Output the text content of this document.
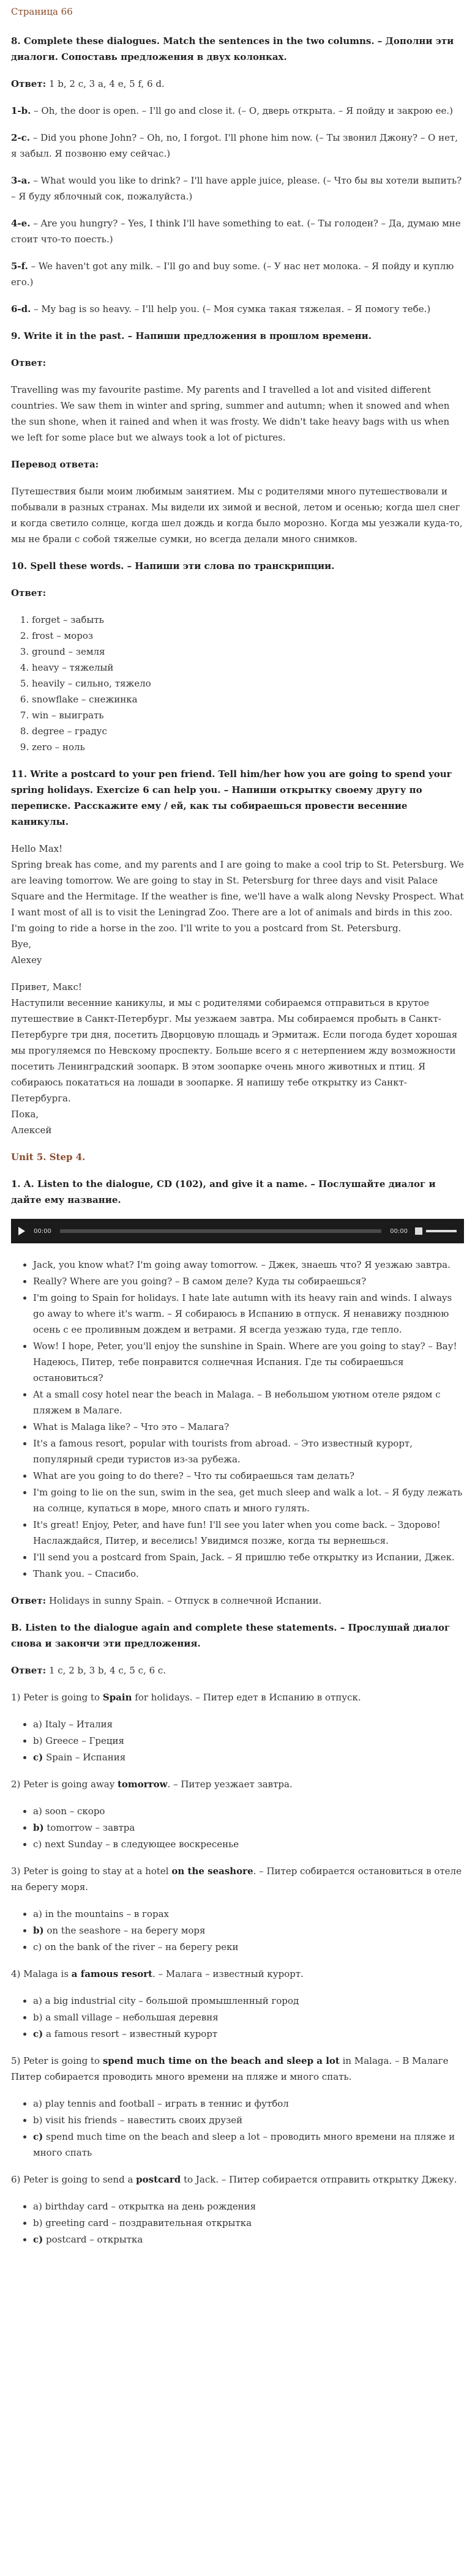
Страница 66
8. Complete these dialogues. Match the sentences in the two columns. – Дополни эти диалоги. Сопоставь предложения в двух колонках.

Ответ: 1 b, 2 c, 3 a, 4 e, 5 f, 6 d.

1-b. – Oh, the door is open. – I'll go and close it. (– О, дверь открыта. – Я пойду и закрою ее.)

2-c. – Did you phone John? – Oh, no, I forgot. I'll phone him now. (– Ты звонил Джону? – О нет, я забыл. Я позвоню ему сейчас.)

3-a. – What would you like to drink? – I'll have apple juice, please. (– Что бы вы хотели выпить? – Я буду яблочный сок, пожалуйста.)

4-e. – Are you hungry? – Yes, I think I'll have something to eat. (– Ты голоден? – Да, думаю мне стоит что-то поесть.)

5-f. – We haven't got any milk. – I'll go and buy some. (– У нас нет молока. – Я пойду и куплю его.)

6-d. – My bag is so heavy. – I'll help you. (– Моя сумка такая тяжелая. – Я помогу тебе.)

9. Write it in the past. – Напиши предложения в прошлом времени.

Ответ:

Travelling was my favourite pastime. My parents and I travelled a lot and visited different countries. We saw them in winter and spring, summer and autumn; when it snowed and when the sun shone, when it rained and when it was frosty. We didn't take heavy bags with us when we left for some place but we always took a lot of pictures.

Перевод ответа:

Путешествия были моим любимым занятием. Мы с родителями много путешествовали и побывали в разных странах. Мы видели их зимой и весной, летом и осенью; когда шел снег и когда светило солнце, когда шел дождь и когда было морозно. Когда мы уезжали куда-то, мы не брали с собой тяжелые сумки, но всегда делали много снимков.

10. Spell these words. – Напиши эти слова по транскрипции.

Ответ:

1. forget – забыть
2. frost – мороз
3. ground – земля
4. heavy – тяжелый
5. heavily – сильно, тяжело
6. snowflake – снежинка
7. win – выиграть
8. degree – градус
9. zero – ноль
11. Write a postcard to your pen friend. Tell him/her how you are going to spend your spring holidays. Exercize 6 can help you. – Напиши открытку своему другу по переписке. Расскажите ему / ей, как ты собираешься провести весенние каникулы.

Hello Max!
Spring break has come, and my parents and I are going to make a cool trip to St. Petersburg. We are leaving tomorrow. We are going to stay in St. Petersburg for three days and visit Palace Square and the Hermitage. If the weather is fine, we'll have a walk along Nevsky Prospect. What I want most of all is to visit the Leningrad Zoo. There are a lot of animals and birds in this zoo. I'm going to ride a horse in the zoo. I'll write to you a postcard from St. Petersburg.
Bye,
Alexey

Привет, Макс!
Наступили весенние каникулы, и мы с родителями собираемся отправиться в крутое путешествие в Санкт-Петербург. Мы уезжаем завтра. Мы собираемся пробыть в Санкт-Петербурге три дня, посетить Дворцовую площадь и Эрмитаж. Если погода будет хорошая мы прогуляемся по Невскому проспекту. Больше всего я с нетерпением жду возможности посетить Ленинградский зоопарк. В этом зоопарке очень много животных и птиц. Я собираюсь покататься на лошади в зоопарке. Я напишу тебе открытку из Санкт-Петербурга.
Пока,
Алексей

Unit 5. Step 4.
1. A. Listen to the dialogue, CD (102), and give it a name. – Послушайте диалог и дайте ему название.
00:00	00:00
• Jack, you know what? I'm going away tomorrow. – Джек, знаешь что? Я уезжаю завтра.
• Really? Where are you going? – В самом деле? Куда ты собираешься?
• I'm going to Spain for holidays. I hate late autumn with its heavy rain and winds. I always go away to where it's warm. – Я собираюсь в Испанию в отпуск. Я ненавижу позднюю осень с ее проливным дождем и ветрами. Я всегда уезжаю туда, где тепло.
• Wow! I hope, Peter, you'll enjoy the sunshine in Spain. Where are you going to stay? – Вау! Надеюсь, Питер, тебе понравится солнечная Испания. Где ты собираешься остановиться?
• At a small cosy hotel near the beach in Malaga. – В небольшом уютном отеле рядом с пляжем в Малаге.
• What is Malaga like? – Что это – Малага?
• It's a famous resort, popular with tourists from abroad. – Это известный курорт, популярный среди туристов из-за рубежа.
• What are you going to do there? – Что ты собираешься там делать?
• I'm going to lie on the sun, swim in the sea, get much sleep and walk a lot. – Я буду лежать на солнце, купаться в море, много спать и много гулять.
• It's great! Enjoy, Peter, and have fun! I'll see you later when you come back. – Здорово! Наслаждайся, Питер, и веселись! Увидимся позже, когда ты вернешься.
• I'll send you a postcard from Spain, Jack. – Я пришлю тебе открытку из Испании, Джек.
• Thank you. – Спасибо.

Ответ: Holidays in sunny Spain. – Отпуск в солнечной Испании.

B. Listen to the dialogue again and complete these statements. – Прослушай диалог снова и закончи эти предложения.

Ответ: 1 c, 2 b, 3 b, 4 c, 5 c, 6 c.

1) Peter is going to Spain for holidays. – Питер едет в Испанию в отпуск.

• a) Italy – Италия
• b) Greece – Греция
• c) Spain – Испания

2) Peter is going away tomorrow. – Питер уезжает завтра.

• a) soon – скоро
• b) tomorrow – завтра
• c) next Sunday – в следующее воскресенье

3) Peter is going to stay at a hotel on the seashore. – Питер собирается остановиться в отеле на берегу моря.

• a) in the mountains – в горах
• b) on the seashore – на берегу моря
• c) on the bank of the river – на берегу реки

4) Malaga is a famous resort. – Малага – известный курорт.

• a) a big industrial city – большой промышленный город
• b) a small village – небольшая деревня
• c) a famous resort – известный курорт

5) Peter is going to spend much time on the beach and sleep a lot in Malaga. – В Малаге Питер собирается проводить много времени на пляже и много спать.

• a) play tennis and football – играть в теннис и футбол
• b) visit his friends – навестить своих друзей
• c) spend much time on the beach and sleep a lot – проводить много времени на пляже и много спать

6) Peter is going to send a postcard to Jack. – Питер собирается отправить открытку Джеку.

• a) birthday card – открытка на день рождения
• b) greeting card – поздравительная открытка
• c) postcard – открытка
